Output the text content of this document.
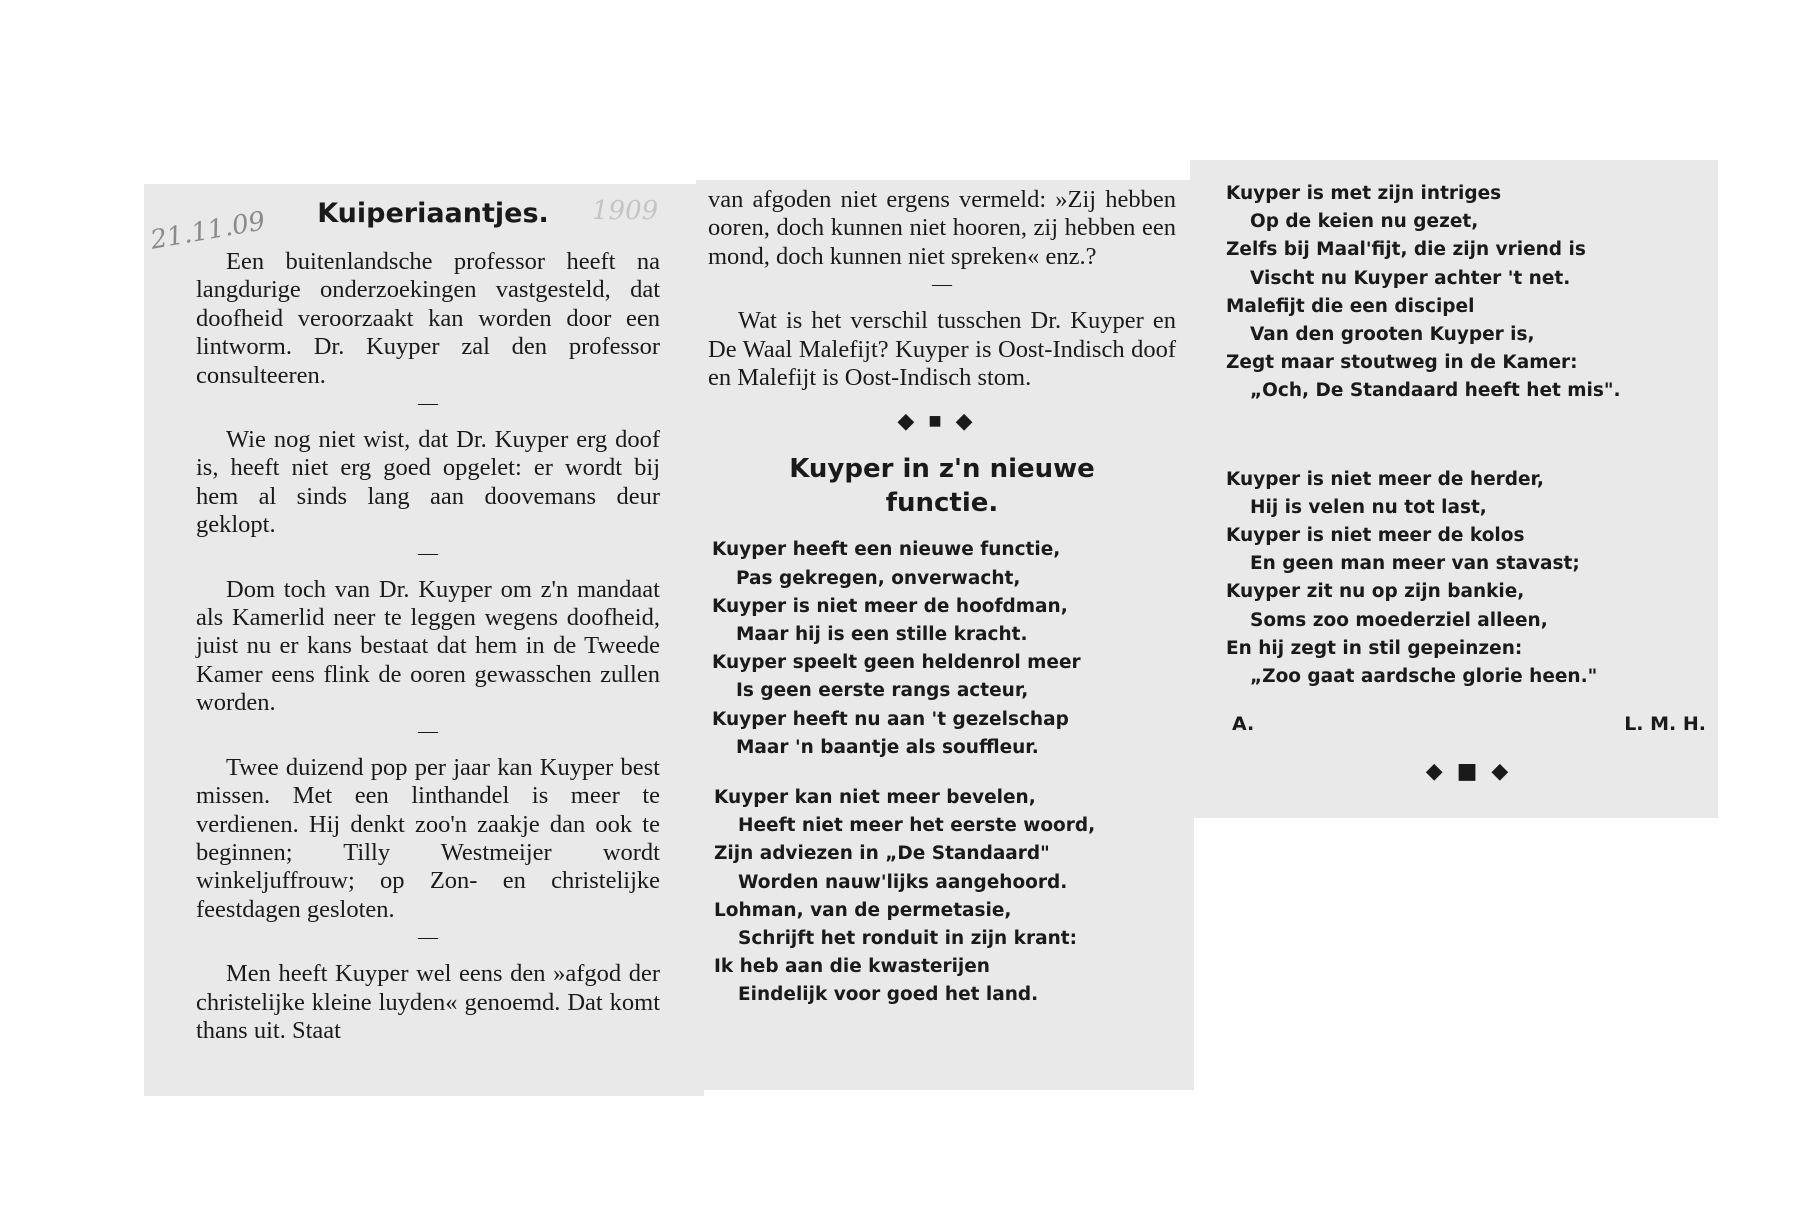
21.11.09	1909
Kuiperiaantjes.

Een buitenlandsche professor heeft na langdurige onderzoekingen vastgesteld, dat doofheid veroorzaakt kan worden door een lintworm. Dr. Kuyper zal den professor consulteeren.

—

Wie nog niet wist, dat Dr. Kuyper erg doof is, heeft niet erg goed opgelet: er wordt bij hem al sinds lang aan doovemans deur geklopt.

—

Dom toch van Dr. Kuyper om z'n mandaat als Kamerlid neer te leggen wegens doofheid, juist nu er kans bestaat dat hem in de Tweede Kamer eens flink de ooren gewasschen zullen worden.

—

Twee duizend pop per jaar kan Kuyper best missen. Met een linthandel is meer te verdienen. Hij denkt zoo'n zaakje dan ook te beginnen; Tilly Westmeijer wordt winkeljuffrouw; op Zon- en christelijke feestdagen gesloten.

—

Men heeft Kuyper wel eens den »afgod der christelijke kleine luyden« genoemd. Dat komt thans uit. Staat

van afgoden niet ergens vermeld: »Zij hebben ooren, doch kunnen niet hooren, zij hebben een mond, doch kunnen niet spreken« enz.?

—

Wat is het verschil tusschen Dr. Kuyper en De Waal Malefijt? Kuyper is Oost-Indisch doof en Malefijt is Oost-Indisch stom.

◆■◆
Kuyper in z'n nieuwe
functie.
Kuyper heeft een nieuwe functie,
Pas gekregen, onverwacht,
Kuyper is niet meer de hoofdman,
Maar hij is een stille kracht.
Kuyper speelt geen heldenrol meer
Is geen eerste rangs acteur,
Kuyper heeft nu aan 't gezelschap
Maar 'n baantje als souffleur.
Kuyper kan niet meer bevelen,
Heeft niet meer het eerste woord,
Zijn adviezen in „De Standaard"
Worden nauw'lijks aangehoord.
Lohman, van de permetasie,
Schrijft het ronduit in zijn krant:
Ik heb aan die kwasterijen
Eindelijk voor goed het land.
Kuyper is met zijn intriges
Op de keien nu gezet,
Zelfs bij Maal'fijt, die zijn vriend is
Vischt nu Kuyper achter 't net.
Malefijt die een discipel
Van den grooten Kuyper is,
Zegt maar stoutweg in de Kamer:
„Och, De Standaard heeft het mis".
Kuyper is niet meer de herder,
Hij is velen nu tot last,
Kuyper is niet meer de kolos
En geen man meer van stavast;
Kuyper zit nu op zijn bankie,
Soms zoo moederziel alleen,
En hij zegt in stil gepeinzen:
„Zoo gaat aardsche glorie heen."
A.	L. M. H.
◆■◆
